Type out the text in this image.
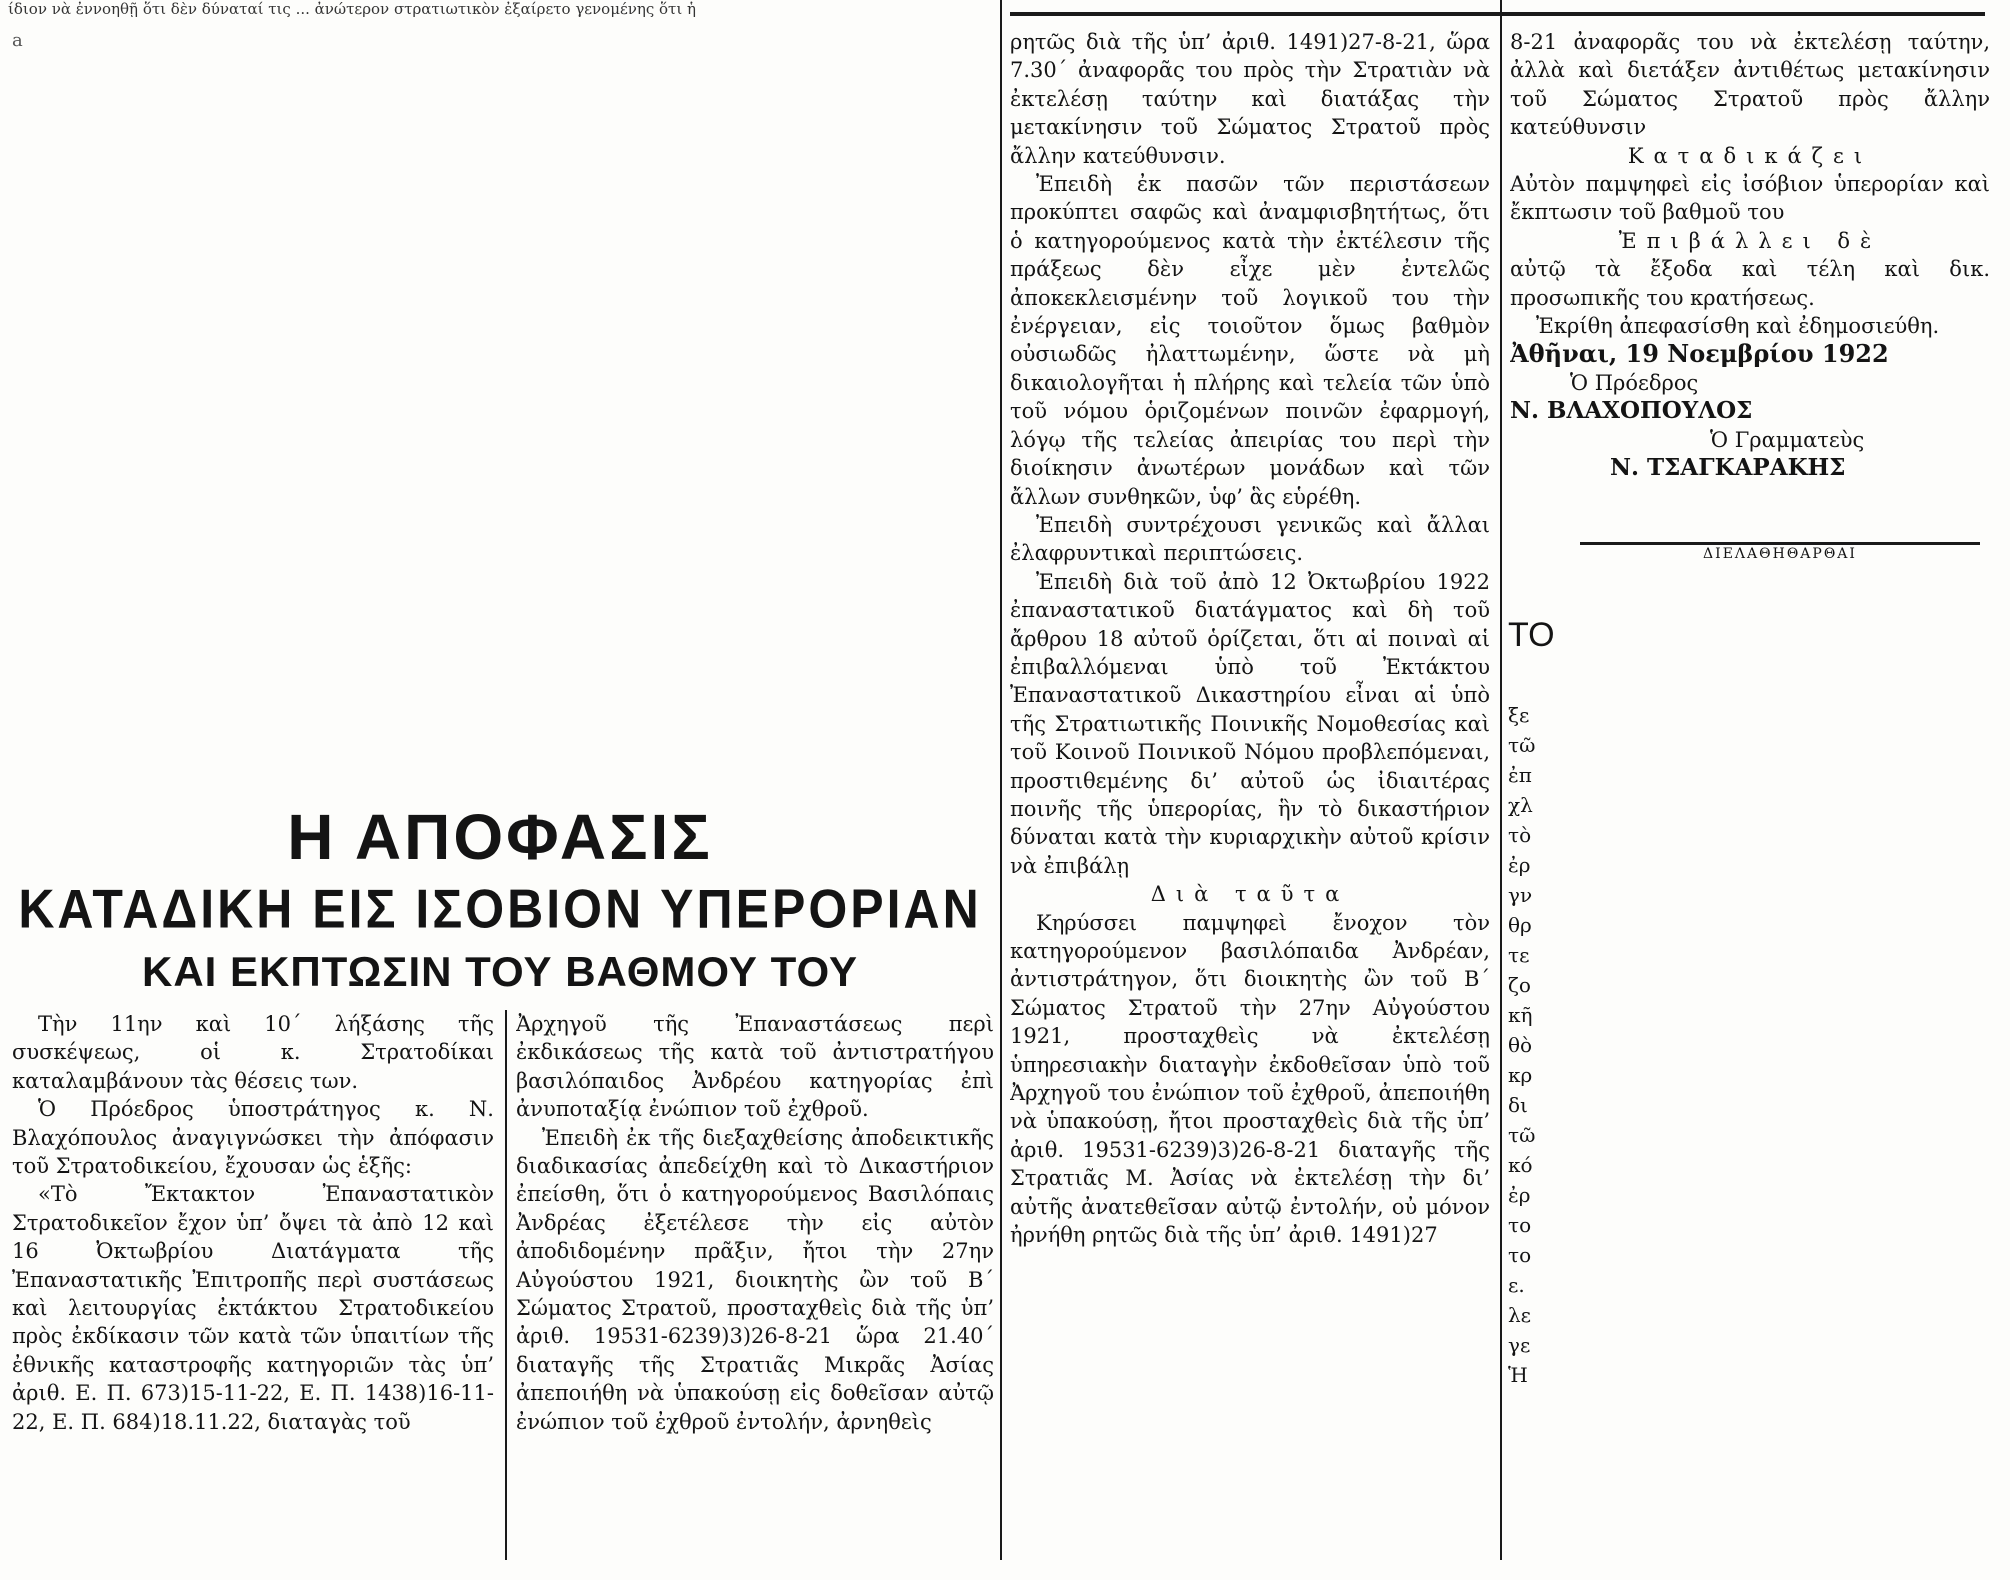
ίδιον νὰ ἐννοηθῇ ὅτι δὲν δύναταί τις ... ἀνώτερον στρατιωτικὸν ἐξαίρετο γενομένης ὅτι ἡ
a
Η ΑΠΟΦΑΣΙΣ
ΚΑΤΑΔΙΚΗ ΕΙΣ ΙΣΟΒΙΟΝ ΥΠΕΡΟΡΙΑΝ
ΚΑΙ ΕΚΠΤΩΣΙΝ ΤΟΥ ΒΑΘΜΟΥ ΤΟΥ

Τὴν 11ην καὶ 10΄ λήξάσης τῆς συσκέψεως, οἱ κ. Στρατοδίκαι καταλαμβάνουν τὰς θέσεις των.

Ὁ Πρόεδρος ὑποστράτηγος κ. Ν. Βλαχόπουλος ἀναγιγνώσκει τὴν ἀπόφασιν τοῦ Στρατοδικείου, ἔχουσαν ὡς ἑξῆς:

«Τὸ Ἔκτακτον Ἐπαναστατικὸν Στρατοδικεῖον ἔχον ὑπ’ ὄψει τὰ ἀπὸ 12 καὶ 16 Ὀκτωβρίου Διατάγματα τῆς Ἐπαναστατικῆς Ἐπιτροπῆς περὶ συστάσεως καὶ λειτουργίας ἐκτάκτου Στρατοδικείου πρὸς ἐκδίκασιν τῶν κατὰ τῶν ὑπαιτίων τῆς ἐθνικῆς καταστροφῆς κατηγοριῶν τὰς ὑπ’ ἀριθ. Ε. Π. 673)15-11-22, Ε. Π. 1438)16-11-22, Ε. Π. 684)18.11.22, διαταγὰς τοῦ

Ἀρχηγοῦ τῆς Ἐπαναστάσεως περὶ ἐκδικάσεως τῆς κατὰ τοῦ ἀντιστρατήγου βασιλόπαιδος Ἀνδρέου κατηγορίας ἐπὶ ἀνυποταξίᾳ ἐνώπιον τοῦ ἐχθροῦ.

Ἐπειδὴ ἐκ τῆς διεξαχθείσης ἀποδεικτικῆς διαδικασίας ἀπεδείχθη καὶ τὸ Δικαστήριον ἐπείσθη, ὅτι ὁ κατηγορούμενος Βασιλόπαις Ἀνδρέας ἐξετέλεσε τὴν εἰς αὐτὸν ἀποδιδομένην πρᾶξιν, ἤτοι τὴν 27ην Αὐγούστου 1921, διοικητὴς ὢν τοῦ Β΄ Σώματος Στρατοῦ, προσταχθεὶς διὰ τῆς ὑπ’ ἀριθ. 19531-6239)3)26-8-21 ὥρα 21.40΄ διαταγῆς τῆς Στρατιᾶς Μικρᾶς Ἀσίας ἀπεποιήθη νὰ ὑπακούσῃ εἰς δοθεῖσαν αὐτῷ ἐνώπιον τοῦ ἐχθροῦ ἐντολήν, ἀρνηθεὶς

ρητῶς διὰ τῆς ὑπ’ ἀριθ. 1491)27-8-21, ὥρα 7.30΄ ἀναφορᾶς του πρὸς τὴν Στρατιὰν νὰ ἐκτελέσῃ ταύτην καὶ διατάξας τὴν μετακίνησιν τοῦ Σώματος Στρατοῦ πρὸς ἄλλην κατεύθυνσιν.

Ἐπειδὴ ἐκ πασῶν τῶν περιστάσεων προκύπτει σαφῶς καὶ ἀναμφισβητήτως, ὅτι ὁ κατηγορούμενος κατὰ τὴν ἐκτέλεσιν τῆς πράξεως δὲν εἶχε μὲν ἐντελῶς ἀποκεκλεισμένην τοῦ λογικοῦ του τὴν ἐνέργειαν, εἰς τοιοῦτον ὅμως βαθμὸν οὐσιωδῶς ἠλαττωμένην, ὥστε νὰ μὴ δικαιολογῆται ἡ πλήρης καὶ τελεία τῶν ὑπὸ τοῦ νόμου ὁριζομένων ποινῶν ἐφαρμογή, λόγῳ τῆς τελείας ἀπειρίας του περὶ τὴν διοίκησιν ἀνωτέρων μονάδων καὶ τῶν ἄλλων συνθηκῶν, ὑφ’ ἃς εὑρέθη.

Ἐπειδὴ συντρέχουσι γενικῶς καὶ ἄλλαι ἐλαφρυντικαὶ περιπτώσεις.

Ἐπειδὴ διὰ τοῦ ἀπὸ 12 Ὀκτωβρίου 1922 ἐπαναστατικοῦ διατάγματος καὶ δὴ τοῦ ἄρθρου 18 αὐτοῦ ὁρίζεται, ὅτι αἱ ποιναὶ αἱ ἐπιβαλλόμεναι ὑπὸ τοῦ Ἐκτάκτου Ἐπαναστατικοῦ Δικαστηρίου εἶναι αἱ ὑπὸ τῆς Στρατιωτικῆς Ποινικῆς Νομοθεσίας καὶ τοῦ Κοινοῦ Ποινικοῦ Νόμου προβλεπόμεναι, προστιθεμένης δι’ αὐτοῦ ὡς ἰδιαιτέρας ποινῆς τῆς ὑπερορίας, ἣν τὸ δικαστήριον δύναται κατὰ τὴν κυριαρχικὴν αὐτοῦ κρίσιν νὰ ἐπιβάλῃ

Διὰ ταῦτα

Κηρύσσει παμψηφεὶ ἔνοχον τὸν κατηγορούμενον βασιλόπαιδα Ἀνδρέαν, ἀντιστράτηγον, ὅτι διοικητὴς ὢν τοῦ Β΄ Σώματος Στρατοῦ τὴν 27ην Αὐγούστου 1921, προσταχθεὶς νὰ ἐκτελέσῃ ὑπηρεσιακὴν διαταγὴν ἐκδοθεῖσαν ὑπὸ τοῦ Ἀρχηγοῦ του ἐνώπιον τοῦ ἐχθροῦ, ἀπεποιήθη νὰ ὑπακούσῃ, ἤτοι προσταχθεὶς διὰ τῆς ὑπ’ ἀριθ. 19531-6239)3)26-8-21 διαταγῆς τῆς Στρατιᾶς Μ. Ἀσίας νὰ ἐκτελέσῃ τὴν δι’ αὐτῆς ἀνατεθεῖσαν αὐτῷ ἐντολήν, οὐ μόνον ἠρνήθη ρητῶς διὰ τῆς ὑπ’ ἀριθ. 1491)27

8-21 ἀναφορᾶς του νὰ ἐκτελέσῃ ταύτην, ἀλλὰ καὶ διετάξεν ἀντιθέτως μετακίνησιν τοῦ Σώματος Στρατοῦ πρὸς ἄλλην κατεύθυνσιν

Καταδικάζει

Αὐτὸν παμψηφεὶ εἰς ἰσόβιον ὑπερορίαν καὶ ἔκπτωσιν τοῦ βαθμοῦ του

Ἐπιβάλλει δὲ

αὐτῷ τὰ ἔξοδα καὶ τέλη καὶ δικ. προσωπικῆς του κρατήσεως.

Ἐκρίθη ἀπεφασίσθη καὶ ἐδημοσιεύθη.

Ἀθῆναι, 19 Νοεμβρίου 1922

Ὁ Πρόεδρος

Ν. ΒΛΑΧΟΠΟΥΛΟΣ

Ὁ Γραμματεὺς

Ν. ΤΣΑΓΚΑΡΑΚΗΣ

ΔΙΕΛΑΘΗΘΑΡΘΑΙ
ΤΟ
ξε
τῶ
ἐπ
χλ
τὸ
ἐρ
γν
θρ
τε
ζο
κῆ
θὸ
κρ
δι
τῶ
κό
ἐρ
το
το
ε.
λε
γε
Ἡ
